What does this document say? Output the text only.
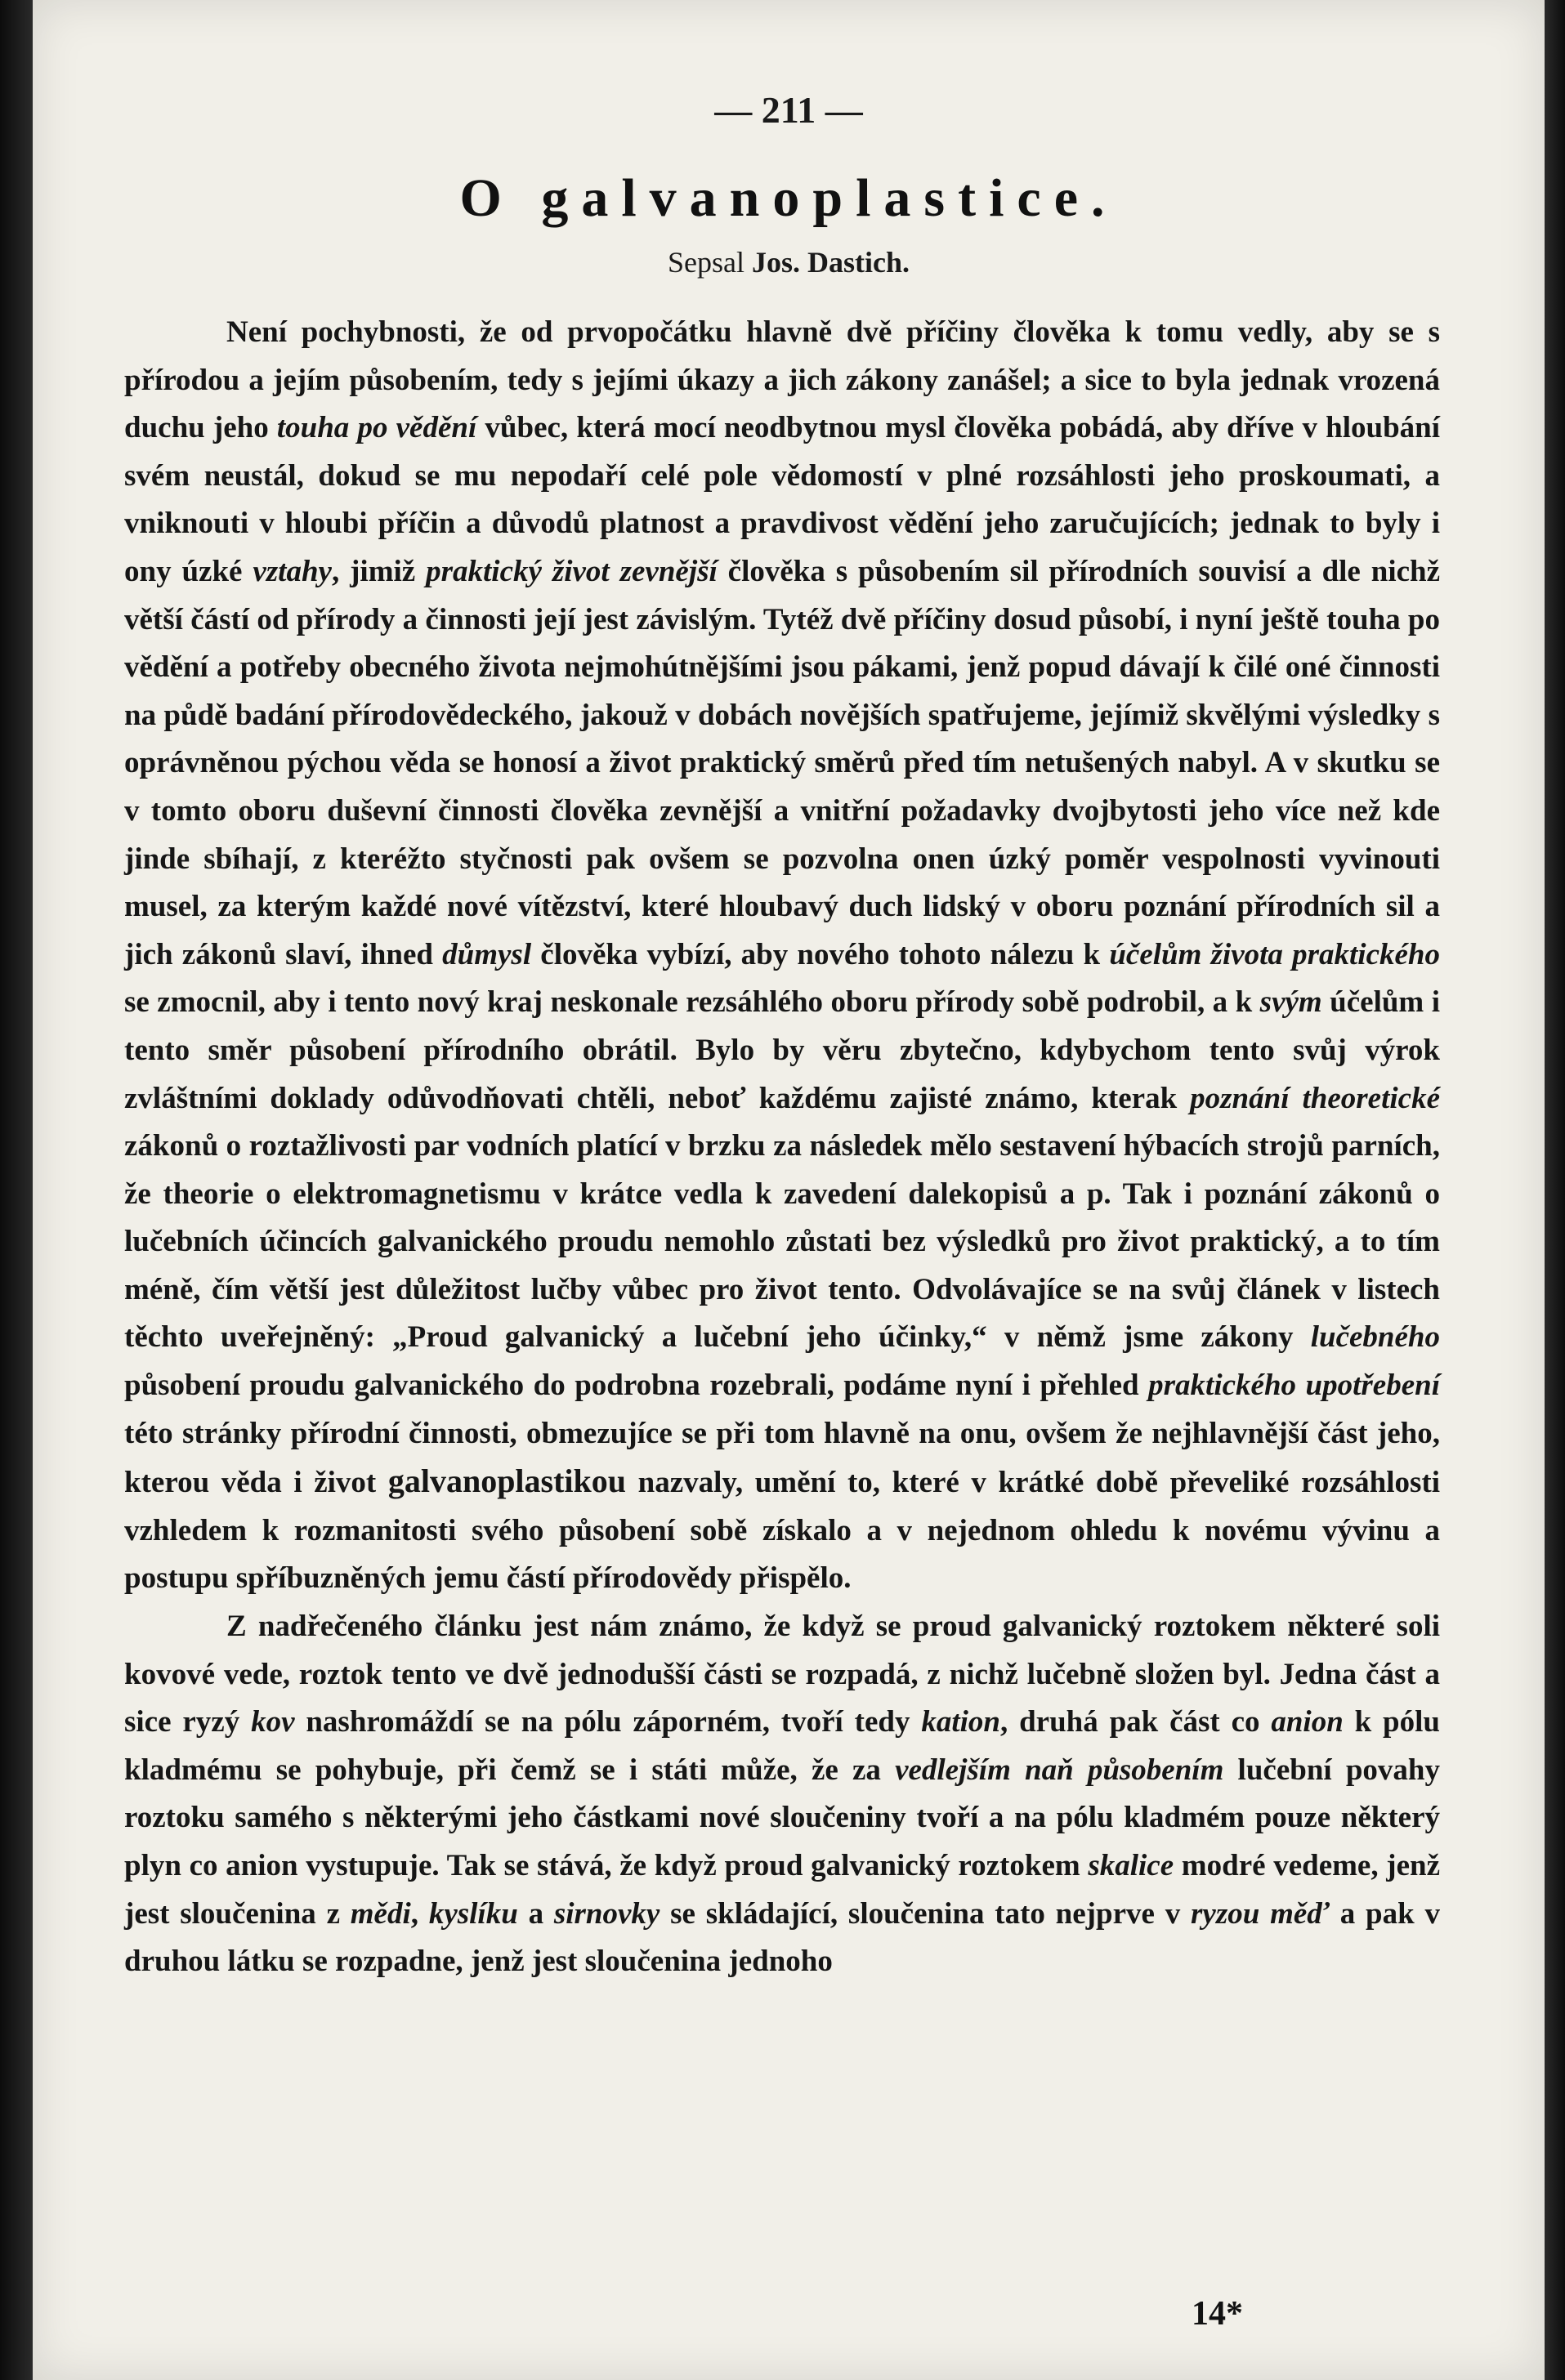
— 211 —
O galvanoplastice.
Sepsal Jos. Dastich.

Není pochybnosti, že od prvopočátku hlavně dvě příčiny člověka k tomu vedly, aby se s přírodou a jejím působením, tedy s jejími úkazy a jich zákony zanášel; a sice to byla jednak vrozená duchu jeho touha po vědění vůbec, která mocí neodbytnou mysl člověka pobádá, aby dříve v hloubání svém neustál, dokud se mu nepodaří celé pole vědomostí v plné rozsáhlosti jeho proskoumati, a vniknouti v hloubi příčin a důvodů platnost a pravdivost vědění jeho zaručujících; jednak to byly i ony úzké vztahy, jimiž praktický život zevnější člověka s působením sil přírodních souvisí a dle nichž větší částí od přírody a činnosti její jest závislým. Tytéž dvě příčiny dosud působí, i nyní ještě touha po vědění a potřeby obecného života nejmohútnějšími jsou pákami, jenž popud dávají k čilé oné činnosti na půdě badání přírodovědeckého, jakouž v dobách novějších spatřujeme, jejímiž skvělými výsledky s oprávněnou pýchou věda se honosí a život praktický směrů před tím netušených nabyl. A v skutku se v tomto oboru duševní činnosti člověka zevnější a vnitřní požadavky dvojbytosti jeho více než kde jinde sbíhají, z kteréžto styčnosti pak ovšem se pozvolna onen úzký poměr vespolnosti vyvinouti musel, za kterým každé nové vítězství, které hloubavý duch lidský v oboru poznání přírodních sil a jich zákonů slaví, ihned důmysl člověka vybízí, aby nového tohoto nálezu k účelům života praktického se zmocnil, aby i tento nový kraj neskonale rezsáhlého oboru přírody sobě podrobil, a k svým účelům i tento směr působení přírodního obrátil. Bylo by věru zbytečno, kdybychom tento svůj výrok zvláštními doklady odůvodňovati chtěli, neboť každému zajisté známo, kterak poznání theoretické zákonů o roztažlivosti par vodních platící v brzku za následek mělo sestavení hýbacích strojů parních, že theorie o elektromagnetismu v krátce vedla k zavedení dalekopisů a p. Tak i poznání zákonů o lučebních účincích galvanického proudu nemohlo zůstati bez výsledků pro život praktický, a to tím méně, čím větší jest důležitost lučby vůbec pro život tento. Odvolávajíce se na svůj článek v listech těchto uveřejněný: „Proud galvanický a lučební jeho účinky,“ v němž jsme zákony lučebného působení proudu galvanického do podrobna rozebrali, podáme nyní i přehled praktického upotřebení této stránky přírodní činnosti, obmezujíce se při tom hlavně na onu, ovšem že nejhlavnější část jeho, kterou věda i život galvanoplastikou nazvaly, umění to, které v krátké době převeliké rozsáhlosti vzhledem k rozmanitosti svého působení sobě získalo a v nejednom ohledu k novému vývinu a postupu spříbuzněných jemu částí přírodovědy přispělo.

Z nadřečeného článku jest nám známo, že když se proud galvanický roztokem některé soli kovové vede, roztok tento ve dvě jednodušší části se rozpadá, z nichž lučebně složen byl. Jedna část a sice ryzý kov nashromáždí se na pólu záporném, tvoří tedy kation, druhá pak část co anion k pólu kladmému se pohybuje, při čemž se i státi může, že za vedlejším naň působením lučební povahy roztoku samého s některými jeho částkami nové sloučeniny tvoří a na pólu kladmém pouze některý plyn co anion vystupuje. Tak se stává, že když proud galvanický roztokem skalice modré vedeme, jenž jest sloučenina z mědi, kyslíku a sirnovky se skládající, sloučenina tato nejprve v ryzou měď a pak v druhou látku se rozpadne, jenž jest sloučenina jednoho

14*
